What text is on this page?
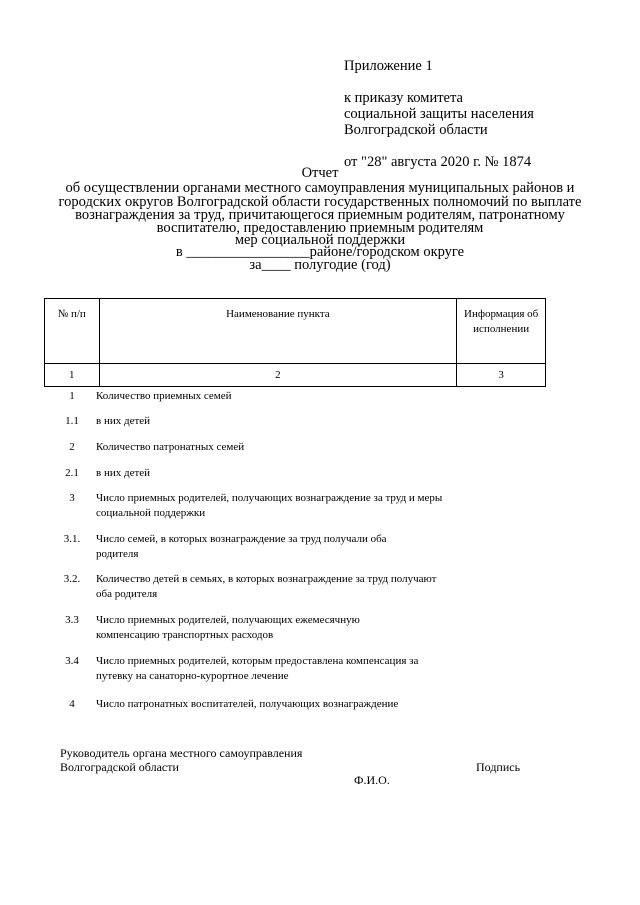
Приложение 1
к приказу комитета
социальной защиты населения
Волгоградской области
от "28" августа 2020 г. № 1874
Отчет
об осуществлении органами местного самоуправления муниципальных районов и
городских округов Волгоградской области государственных полномочий по выплате
вознаграждения за труд, причитающегося приемным родителям, патронатному
воспитателю, предоставлению приемным родителям
мер социальной поддержки
в _________________районе/городском округе
за____ полугодие (год)
№ п/п	Наименование пункта	Информация об исполнении
1	2	3
1	Количество приемных семей
1.1	в них детей
2	Количество патронатных семей
2.1	в них детей
3	Число приемных родителей, получающих вознаграждение за труд и меры социальной поддержки
3.1.	Число семей, в которых вознаграждение за труд получали оба родителя
3.2.	Количество детей в семьях, в которых вознаграждение за труд получают оба родителя
3.3	Число приемных родителей, получающих ежемесячную компенсацию транспортных расходов
3.4	Число приемных родителей, которым предоставлена компенсация за путевку на санаторно-курортное лечение
4	Число патронатных воспитателей, получающих вознаграждение
Руководитель органа местного самоуправления
Волгоградской области	Подпись
Ф.И.О.
